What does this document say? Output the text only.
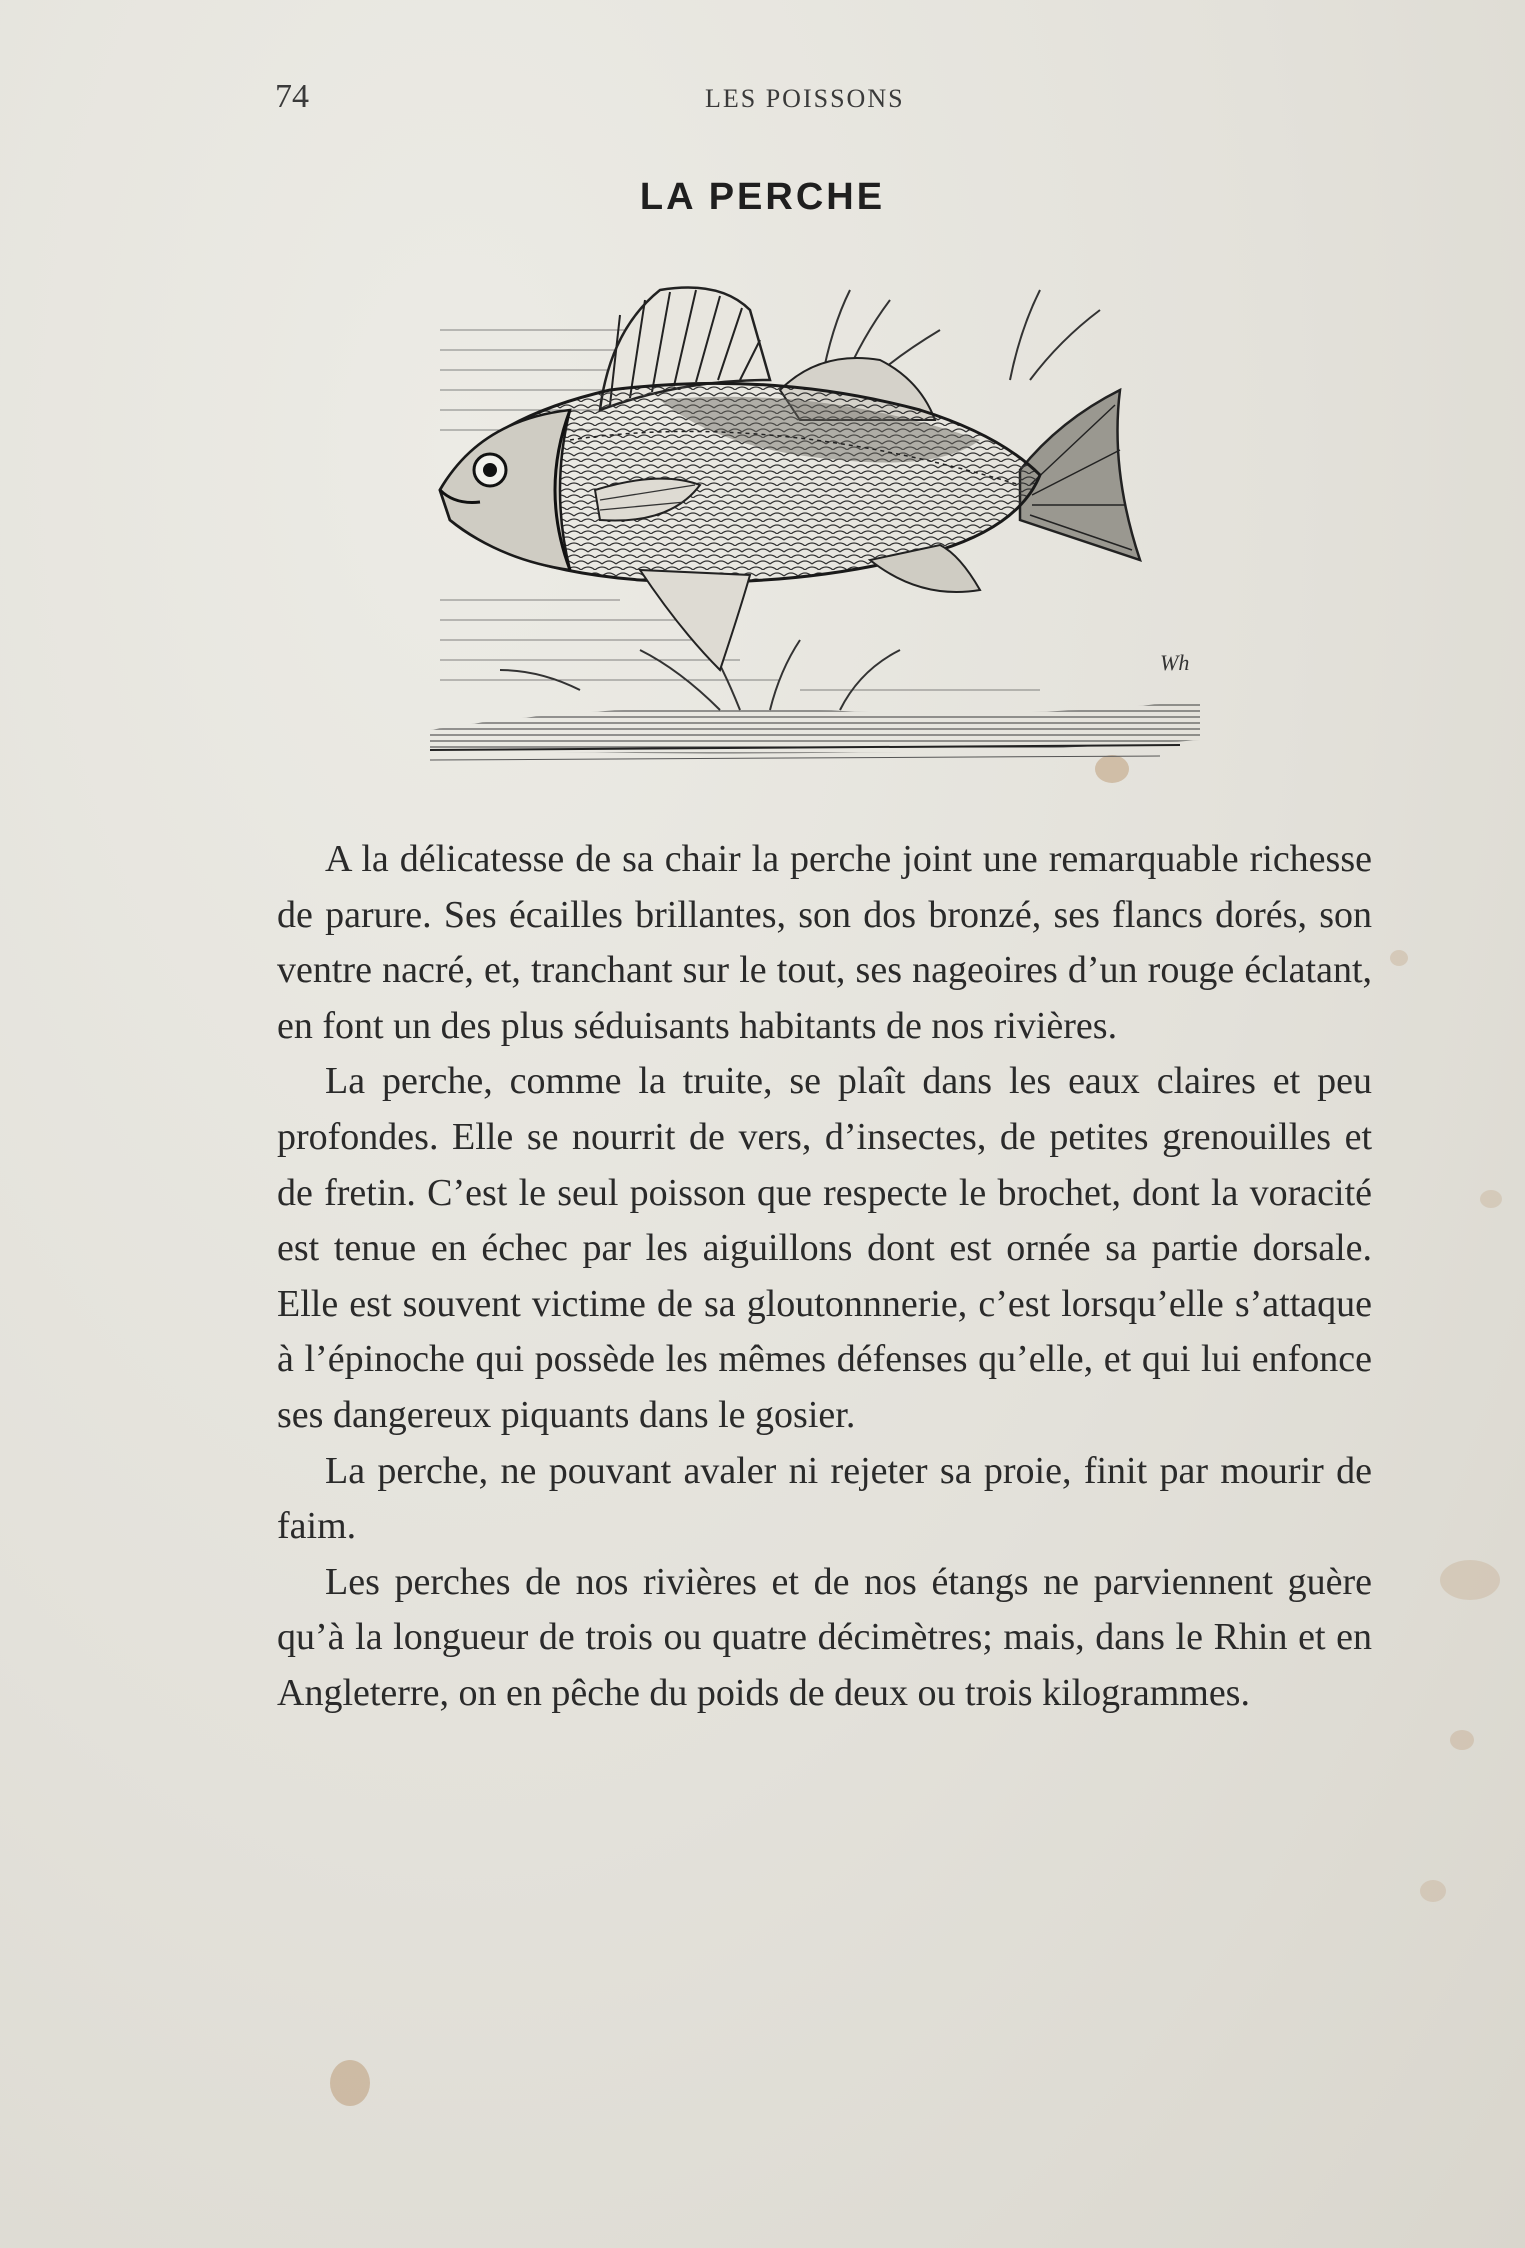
74	LES POISSONS
LA PERCHE
Wh

A la délicatesse de sa chair la perche joint une remarquable richesse de parure. Ses écailles brillantes, son dos bronzé, ses flancs dorés, son ventre nacré, et, tranchant sur le tout, ses nageoires d’un rouge éclatant, en font un des plus séduisants habitants de nos rivières.

La perche, comme la truite, se plaît dans les eaux claires et peu profondes. Elle se nourrit de vers, d’insectes, de petites grenouilles et de fretin. C’est le seul poisson que respecte le brochet, dont la voracité est tenue en échec par les aiguillons dont est ornée sa partie dorsale. Elle est souvent victime de sa gloutonnnerie, c’est lorsqu’elle s’attaque à l’épinoche qui possède les mêmes défenses qu’elle, et qui lui enfonce ses dangereux piquants dans le gosier.

La perche, ne pouvant avaler ni rejeter sa proie, finit par mourir de faim.

Les perches de nos rivières et de nos étangs ne parviennent guère qu’à la longueur de trois ou quatre décimètres; mais, dans le Rhin et en Angleterre, on en pêche du poids de deux ou trois kilogrammes.
